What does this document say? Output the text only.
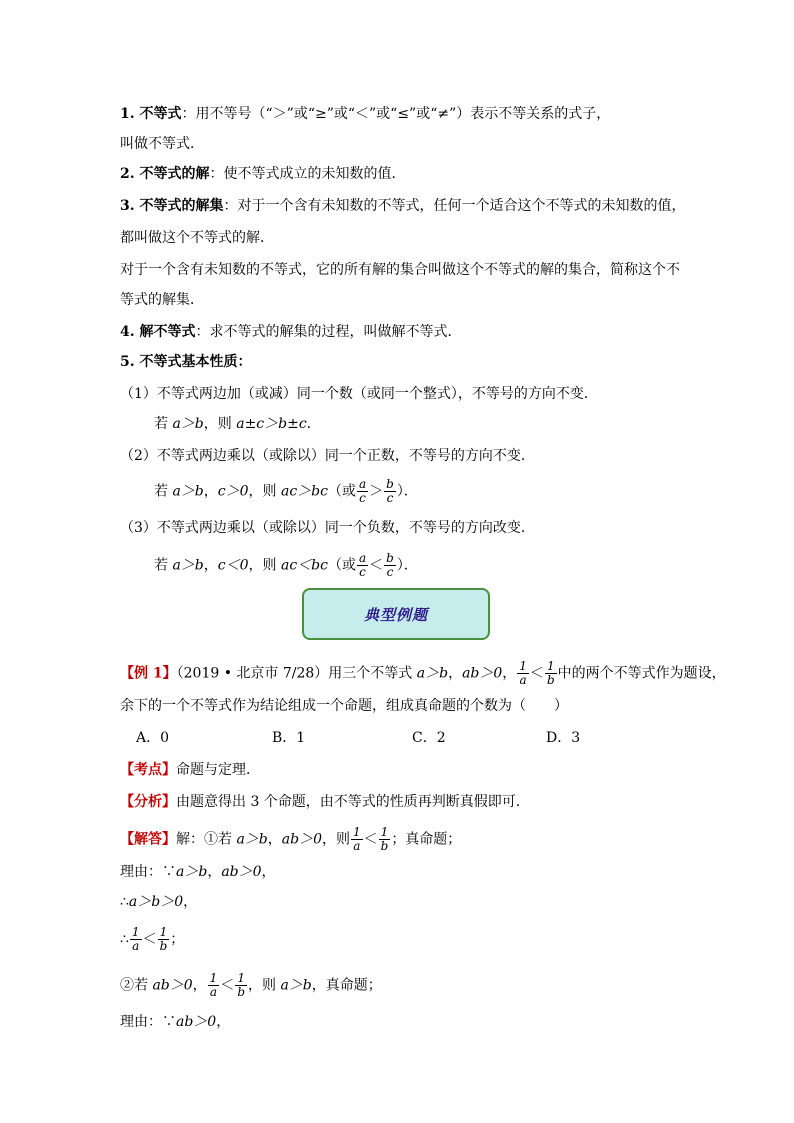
1. 不等式：用不等号（“＞”或“≥”或“＜”或“≤”或“≠”）表示不等关系的式子，
叫做不等式．
2. 不等式的解：使不等式成立的未知数的值．
3. 不等式的解集：对于一个含有未知数的不等式，任何一个适合这个不等式的未知数的值，
都叫做这个不等式的解．
对于一个含有未知数的不等式，它的所有解的集合叫做这个不等式的解的集合，简称这个不
等式的解集．
4. 解不等式：求不等式的解集的过程，叫做解不等式．
5. 不等式基本性质：
（1）不等式两边加（或减）同一个数（或同一个整式），不等号的方向不变．
若 a＞b，则 a±c＞b±c．
（2）不等式两边乘以（或除以）同一个正数，不等号的方向不变．
若 a＞b，c＞0，则 ac＞bc（或 $\frac{a}{c} > \frac{b}{c}$ ）．
（3）不等式两边乘以（或除以）同一个负数，不等号的方向改变．
若 a＞b，c＜0，则 ac＜bc（或 $\frac{a}{c} < \frac{b}{c}$ ）．
典型例题
【例 1】（2019 • 北京市 7/28）用三个不等式 a＞b，ab＞0， $\frac{1}{a} < \frac{1}{b}$ 中的两个不等式作为题设，
余下的一个不等式作为结论组成一个命题，组成真命题的个数为（　　）
A．0	B．1	C．2	D．3
【考点】命题与定理．
【分析】由题意得出 3 个命题，由不等式的性质再判断真假即可．
【解答】解：①若 a＞b，ab＞0，则 $\frac{1}{a} < \frac{1}{b}$ ；真命题；
理由：∵a＞b，ab＞0，
∴a＞b＞0，
∴ $\frac{1}{a} < \frac{1}{b}$ ；
②若 ab＞0， $\frac{1}{a} < \frac{1}{b}$ ，则 a＞b，真命题；
理由：∵ab＞0，
